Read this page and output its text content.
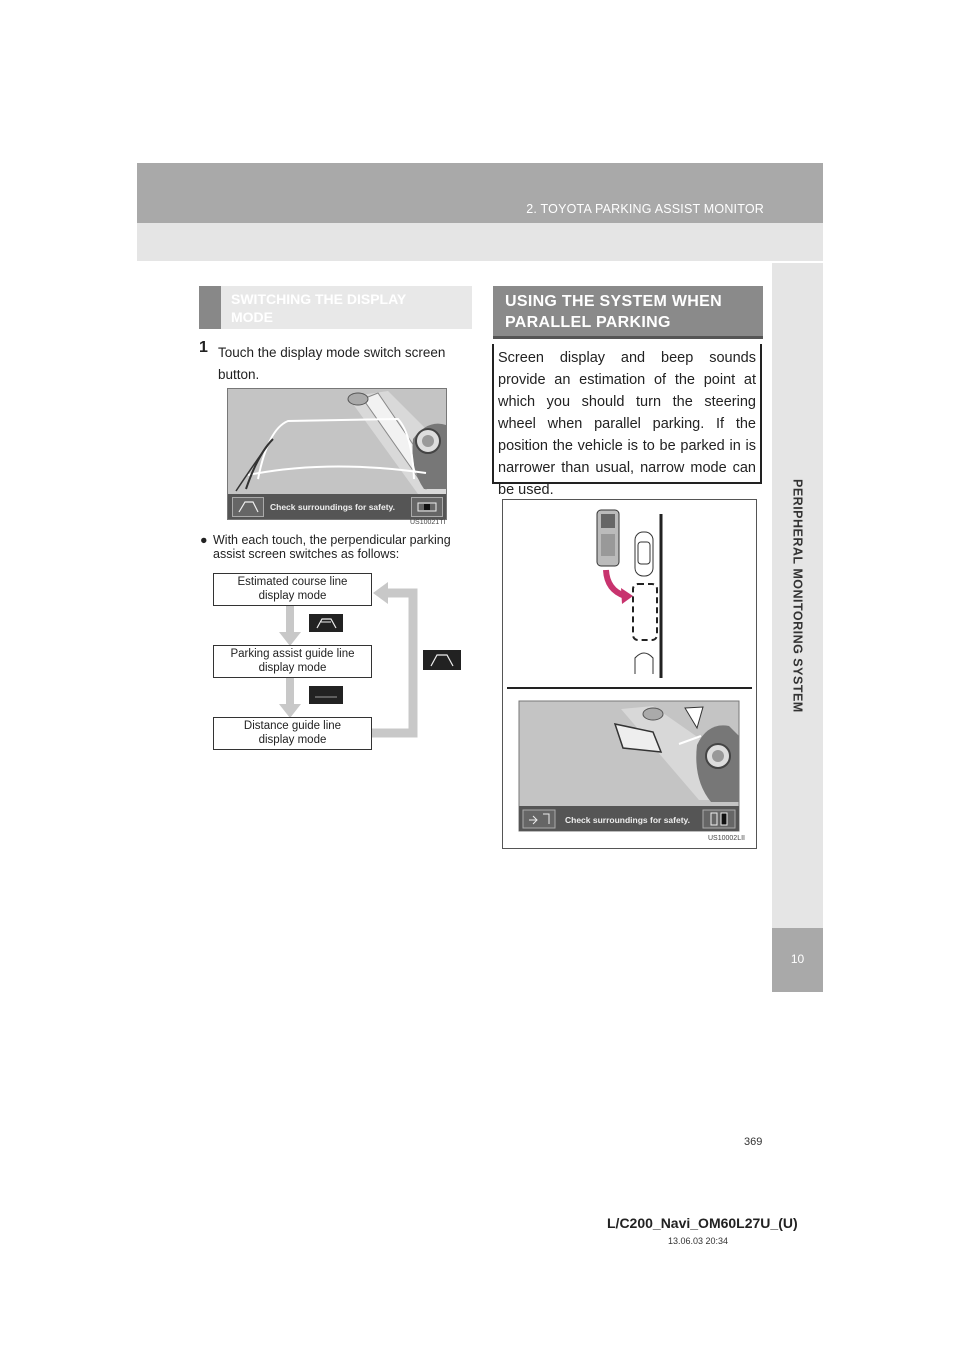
2. TOYOTA PARKING ASSIST MONITOR
PERIPHERAL MONITORING SYSTEM
10
SWITCHING THE DISPLAY
MODE
1 Touch the display mode switch screen button.
Check surroundings for safety.
US10021TI
● With each touch, the perpendicular parking assist screen switches as follows:
Estimated course line
display mode
Parking assist guide line
display mode
Distance guide line
display mode
USING THE SYSTEM WHEN
PARALLEL PARKING
Screen display and beep sounds provide an estimation of the point at which you should turn the steering wheel when parallel parking. If the position the vehicle is to be parked in is narrower than usual, narrow mode can be used.
Check surroundings for safety.
US10002LII
369
L/C200_Navi_OM60L27U_(U)
13.06.03 20:34
